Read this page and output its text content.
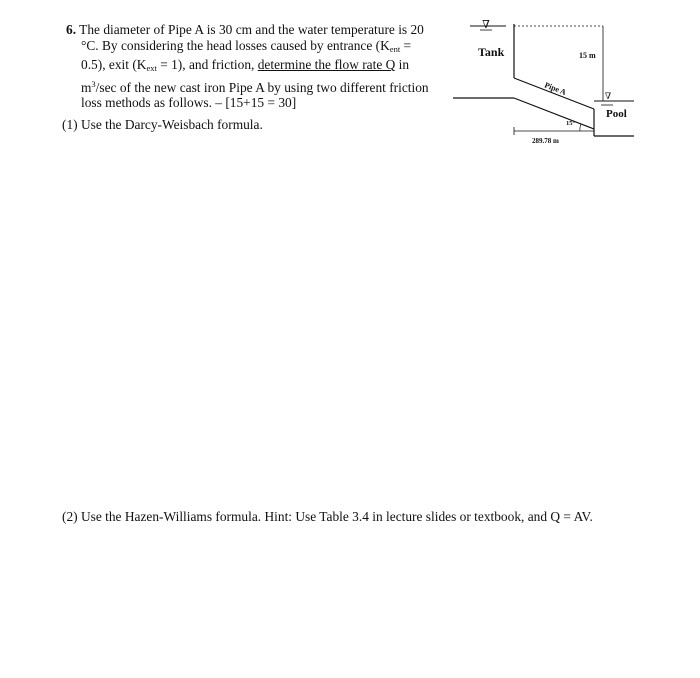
6. The diameter of Pipe A is 30 cm and the water temperature is 20
°C. By considering the head losses caused by entrance ($K_{ent}$ =
0.5), exit $(K_{ext} = 1)$, and friction, determine the flow rate Q in
$m^3/\sec$ of the new cast iron Pipe A by using two different friction
loss methods as follows. – [15+15 = 30]
(1) Use the Darcy-Weisbach formula.
∇
Tank
Pipe A
15 m
∇
Pool
289.78 m
15°
(2) Use the Hazen-Williams formula. Hint: Use Table 3.4 in lecture slides or textbook, and Q = AV.
